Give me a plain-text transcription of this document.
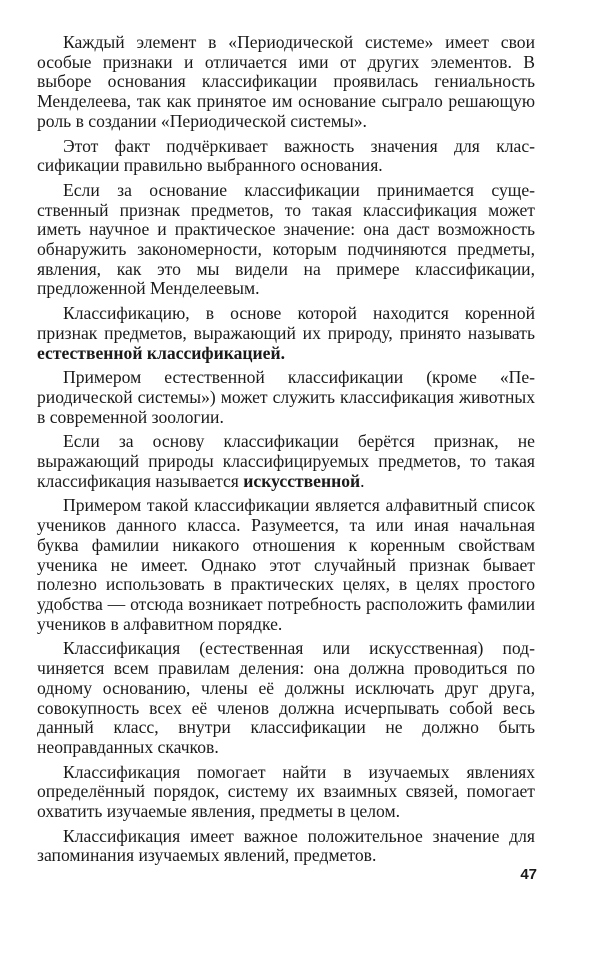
Каждый элемент в «Периодической системе» имеет свои особые признаки и отличается ими от других элементов. В выборе основания классификации проявилась гениальность Менделеева, так как принятое им основание сыграло решающую роль в создании «Периодической системы».

Этот факт подчёркивает важность значения для классификации правильно выбранного основания.

Если за основание классификации принимается существенный признак предметов, то такая классификация может иметь научное и практическое значение: она даст возможность обнаружить закономерности, которым подчиняются предметы, явления, как это мы видели на примере классификации, предложенной Менделеевым.

Классификацию, в основе которой находится коренной признак предметов, выражающий их природу, принято называть естественной классификацией.

Примером естественной классификации (кроме «Периодической системы») может служить классификация животных в современной зоологии.

Если за основу классификации берётся признак, не выражающий природы классифицируемых предметов, то такая классификация называется искусственной.

Примером такой классификации является алфавитный список учеников данного класса. Разумеется, та или иная начальная буква фамилии никакого отношения к коренным свойствам ученика не имеет. Однако этот случайный признак бывает полезно использовать в практических целях, в целях простого удобства — отсюда возникает потребность расположить фамилии учеников в алфавитном порядке.

Классификация (естественная или искусственная) подчиняется всем правилам деления: она должна проводиться по одному основанию, члены её должны исключать друг друга, совокупность всех её членов должна исчерпывать собой весь данный класс, внутри классификации не должно быть неоправданных скачков.

Классификация помогает найти в изучаемых явлениях определённый порядок, систему их взаимных связей, помогает охватить изучаемые явления, предметы в целом.

Классификация имеет важное положительное значение для запоминания изучаемых явлений, предметов.

47
